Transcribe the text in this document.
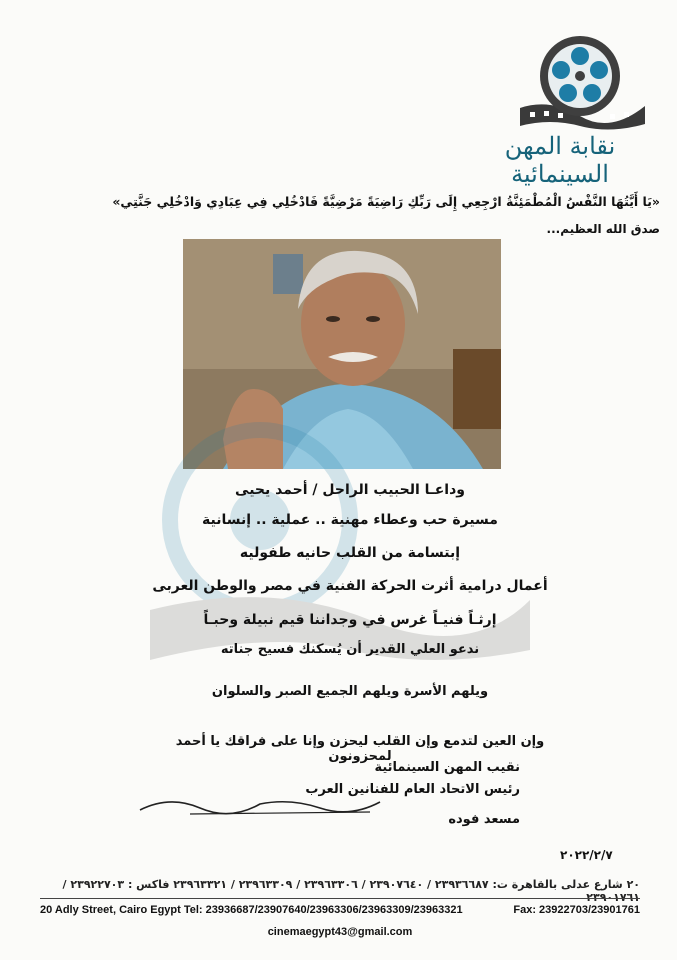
نقابة المهن السينمائية
«يَا أَيَّتُهَا النَّفْسُ الْمُطْمَئِنَّةُ ارْجِعِي إِلَى رَبِّكِ رَاضِيَةً مَرْضِيَّةً فَادْخُلِي فِي عِبَادِي وَادْخُلِي جَنَّتِي»
صدق الله العظيم...
وداعـا الحبيب الراحل / أحمد يحيى
مسيرة حب وعطاء مهنية .. عملية .. إنسانية
إبتسامة من القلب حانيه طفوليه
أعمال درامية أثرت الحركة الفنية في مصر والوطن العربى
إرثـاً فنيـاً غرس في وجداننا قيم نبيلة وحبـاً
ندعو العلي القدير أن يُسكنك فسيح جناته
ويلهم الأسرة ويلهم الجميع الصبر والسلوان
وإن العين لتدمع وإن القلب ليحزن وإنا على فراقك يا أحمد لمحزونون
نقيب المهن السينمائية
رئيس الاتحاد العام للفنانين العرب
مسعد فوده
٢٠٢٢/٢/٧
٢٠ شارع عدلى بالقاهرة ت: ٢٣٩٣٦٦٨٧ / ٢٣٩٠٧٦٤٠ / ٢٣٩٦٣٣٠٦ / ٢٣٩٦٣٣٠٩ / ٢٣٩٦٣٣٢١ فاكس : ٢٣٩٢٢٧٠٣ / ٢٣٩٠١٧٦١
20 Adly Street, Cairo Egypt Tel: 23936687/23907640/23963306/23963309/23963321	Fax: 23922703/23901761
cinemaegypt43@gmail.com
